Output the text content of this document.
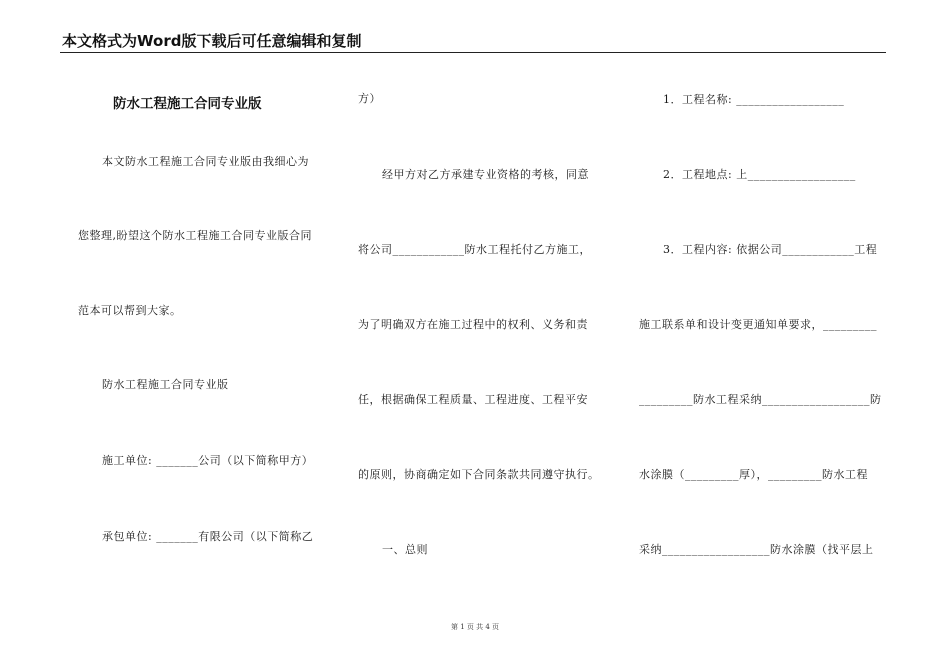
本文格式为Word版下载后可任意编辑和复制
防水工程施工合同专业版
本文防水工程施工合同专业版由我细心为
您整理,盼望这个防水工程施工合同专业版合同
范本可以帮到大家。
防水工程施工合同专业版
施工单位: _______公司（以下简称甲方）
承包单位: _______有限公司（以下简称乙
方）
经甲方对乙方承建专业资格的考核，同意
将公司____________防水工程托付乙方施工，
为了明确双方在施工过程中的权利、义务和责
任，根据确保工程质量、工程进度、工程平安
的原则，协商确定如下合同条款共同遵守执行。
一、总则
1．工程名称: __________________
2．工程地点: 上__________________
3．工程内容: 依据公司____________工程
施工联系单和设计变更通知单要求，_________
_________防水工程采纳__________________防
水涂膜（_________厚），_________防水工程
采纳__________________防水涂膜（找平层上
第 1 页 共 4 页
